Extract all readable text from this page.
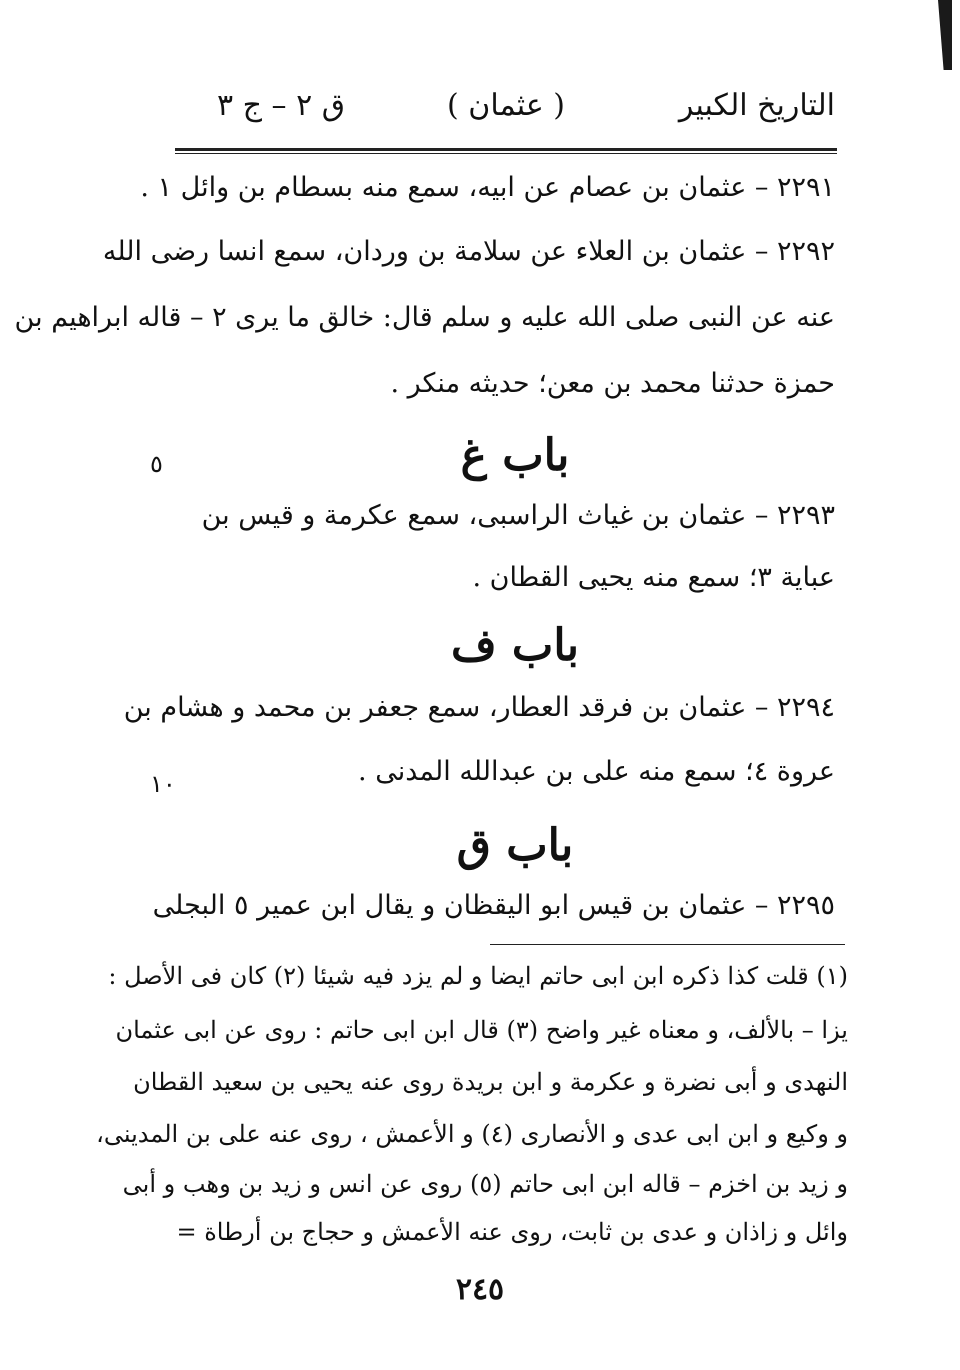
التاريخ الكبير
( عثمان )
ق ٢ – ج ٣
٢٢٩١ – عثمان بن عصام عن ابيه، سمع منه بسطام بن وائل ١ .
٢٢٩٢ – عثمان بن العلاء عن سلامة بن وردان، سمع انسا رضى الله
عنه عن النبى صلى الله عليه و سلم قال: خالق ما يرى ٢ – قاله ابراهيم بن
حمزة حدثنا محمد بن معن؛ حديثه منكر .
باب غ
٥
٢٢٩٣ – عثمان بن غياث الراسبى، سمع عكرمة و قيس بن
عباية ٣؛ سمع منه يحيى القطان .
باب ف
٢٢٩٤ – عثمان بن فرقد العطار، سمع جعفر بن محمد و هشام بن
عروة ٤؛ سمع منه على بن عبدالله المدنى .
١٠
باب ق
٢٢٩٥ – عثمان بن قيس ابو اليقظان و يقال ابن عمير ٥ البجلى
(١) قلت كذا ذكره ابن ابى حاتم ايضا و لم يزد فيه شيئا (٢) كان فى الأصل :
يزا – بالألف، و معناه غير واضح (٣) قال ابن ابى حاتم : روى عن ابى عثمان
النهدى و أبى نضرة و عكرمة و ابن بريدة روى عنه يحيى بن سعيد القطان
و وكيع و ابن ابى عدى و الأنصارى (٤) و الأعمش ، روى عنه على بن المدينى،
و زيد بن اخزم – قاله ابن ابى حاتم (٥) روى عن انس و زيد بن وهب و أبى
وائل و زاذان و عدى بن ثابت، روى عنه الأعمش و حجاج بن أرطاة =
٢٤٥
